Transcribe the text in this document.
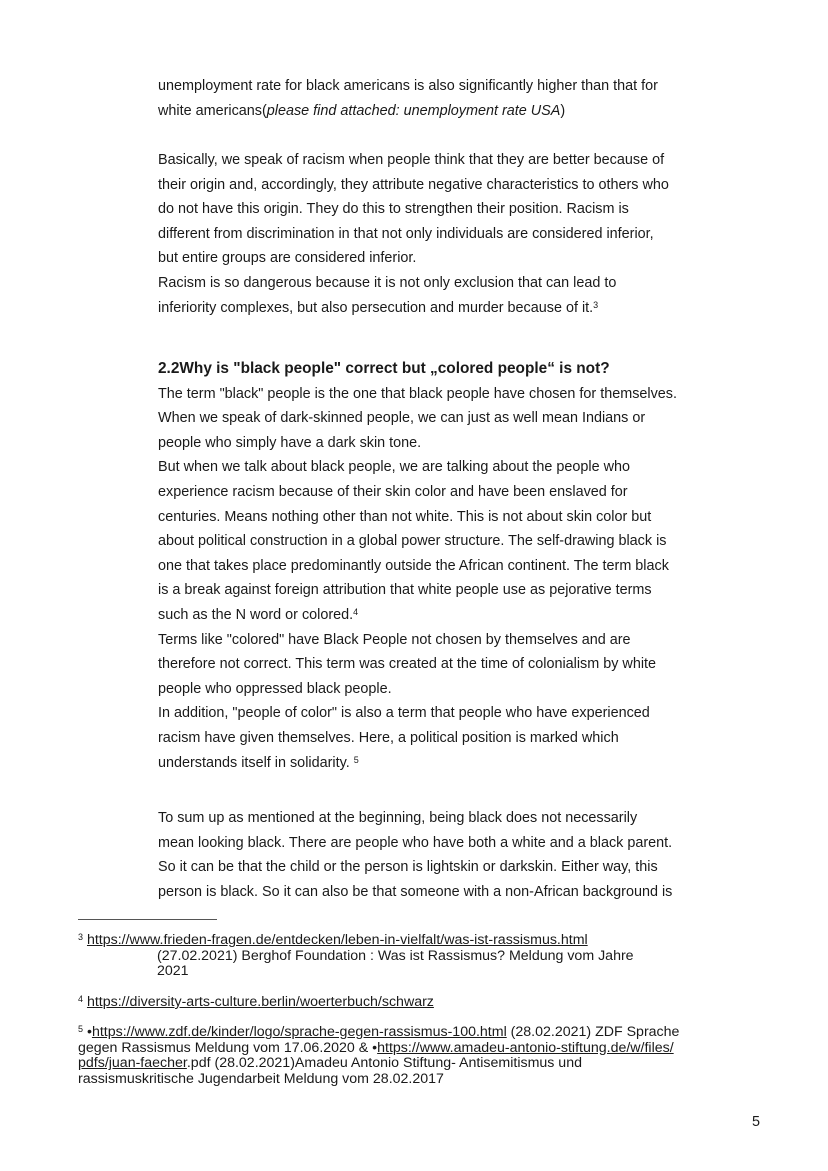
unemployment rate for black americans is also significantly higher than that for

white americans(please find attached: unemployment rate USA)

Basically, we speak of racism when people think that they are better because of

their origin and, accordingly, they attribute negative characteristics to others who

do not have this origin. They do this to strengthen their position. Racism is

different from discrimination in that not only individuals are considered inferior,

but entire groups are considered inferior.

Racism is so dangerous because it is not only exclusion that can lead to

inferiority complexes, but also persecution and murder because of it.$^3$

2.2Why is "black people" correct but „colored people“ is not?

The term "black" people is the one that black people have chosen for themselves.

When we speak of dark-skinned people, we can just as well mean Indians or

people who simply have a dark skin tone.

But when we talk about black people, we are talking about the people who

experience racism because of their skin color and have been enslaved for

centuries. Means nothing other than not white. This is not about skin color but

about political construction in a global power structure. The self-drawing black is

one that takes place predominantly outside the African continent. The term black

is a break against foreign attribution that white people use as pejorative terms

such as the N word or colored.$^4$

Terms like "colored" have Black People not chosen by themselves and are

therefore not correct. This term was created at the time of colonialism by white

people who oppressed black people.

In addition, "people of color" is also a term that people who have experienced

racism have given themselves. Here, a political position is marked which

understands itself in solidarity. $^5$

To sum up as mentioned at the beginning, being black does not necessarily

mean looking black. There are people who have both a white and a black parent.

So it can be that the child or the person is lightskin or darkskin. Either way, this

person is black. So it can also be that someone with a non-African background is

$^3$ https://www.frieden-fragen.de/entdecken/leben-in-vielfalt/was-ist-rassismus.html
(27.02.2021) Berghof Foundation : Was ist Rassismus? Meldung vom Jahre
2021
$^4$ https://diversity-arts-culture.berlin/woerterbuch/schwarz
$^5$ •https://www.zdf.de/kinder/logo/sprache-gegen-rassismus-100.html (28.02.2021) ZDF Sprache
gegen Rassismus Meldung vom 17.06.2020 & •https://www.amadeu-antonio-stiftung.de/w/files/
pdfs/juan-faecher.pdf (28.02.2021)Amadeu Antonio Stiftung- Antisemitismus und
rassismuskritische Jugendarbeit Meldung vom 28.02.2017
5
